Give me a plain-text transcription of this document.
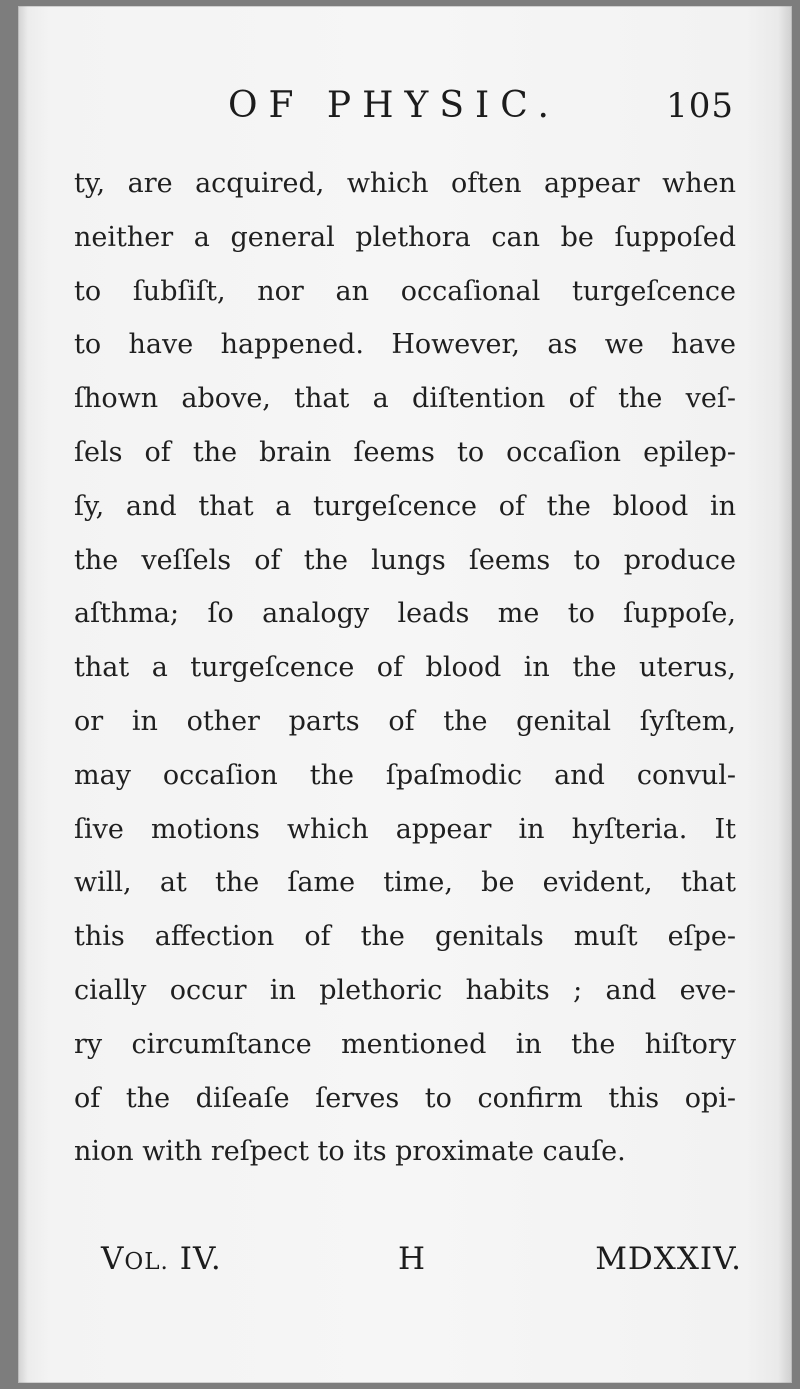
OF PHYSIC.	105
ty, are acquired, which often appear when
neither a general plethora can be ſuppoſed
to ſubſiſt, nor an occaſional turgeſcence
to have happened. However, as we have
ſhown above, that a diſtention of the veſ-
ſels of the brain ſeems to occaſion epilep-
ſy, and that a turgeſcence of the blood in
the veſſels of the lungs ſeems to produce
aſthma; ſo analogy leads me to ſuppoſe,
that a turgeſcence of blood in the uterus,
or in other parts of the genital ſyſtem,
may occaſion the ſpaſmodic and convul-
ſive motions which appear in hyſteria. It
will, at the ſame time, be evident, that
this affection of the genitals muſt eſpe-
cially occur in plethoric habits ; and eve-
ry circumſtance mentioned in the hiſtory
of the diſeaſe ſerves to confirm this opi-
nion with reſpect to its proximate cauſe.
VOL. IV.	H	MDXXIV.
